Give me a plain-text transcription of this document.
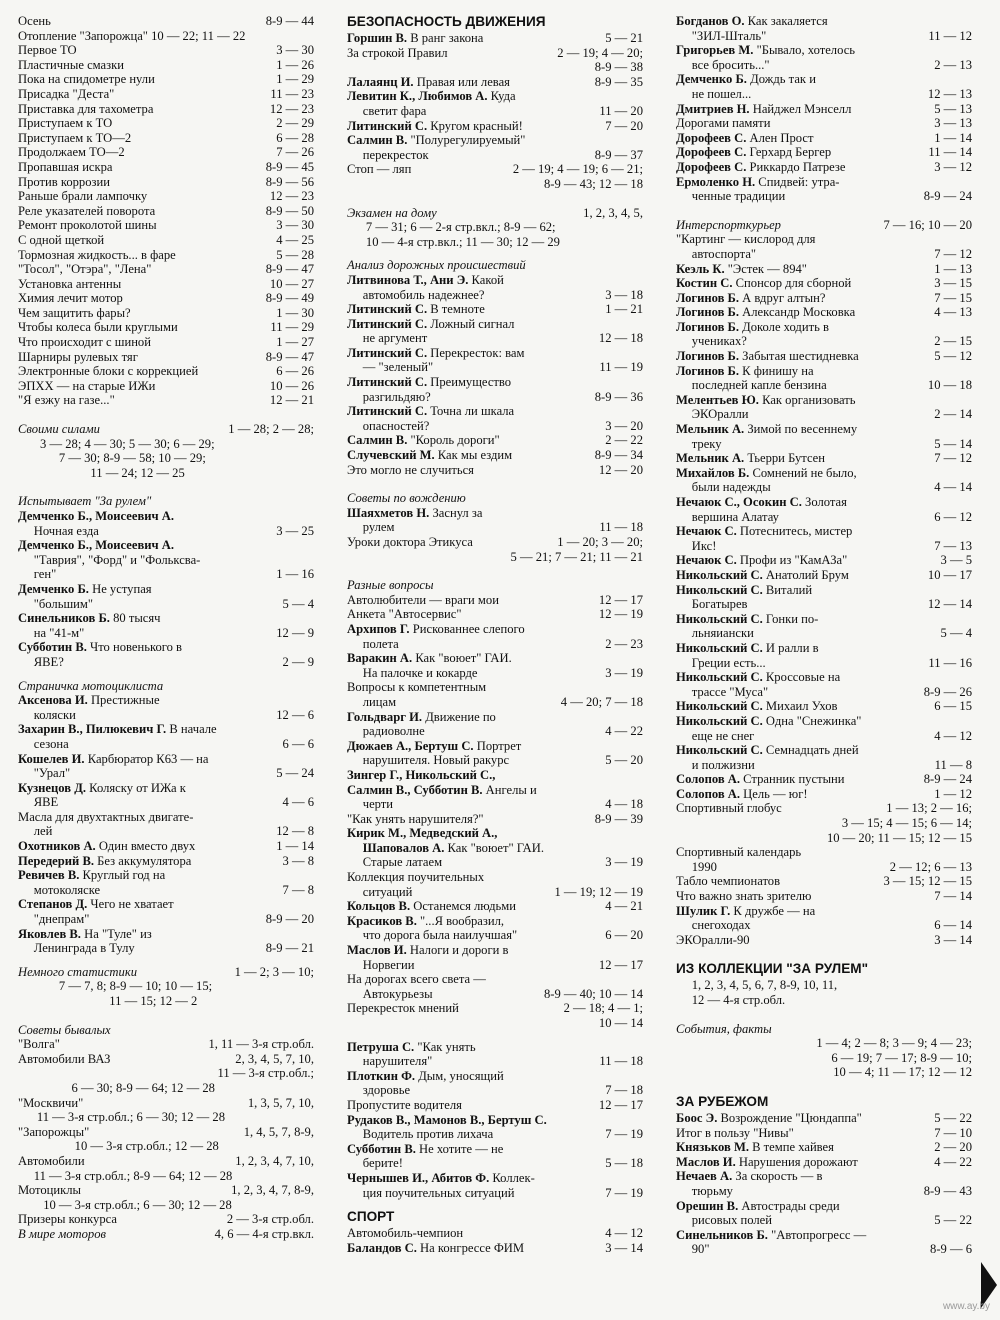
Осень	8-9 — 44
Отопление "Запорожца" 10 — 22; 11 — 22
Первое ТО	3 — 30
Пластичные смазки	1 — 26
Пока на спидометре нули	1 — 29
Присадка "Деста"	11 — 23
Приставка для тахометра	12 — 23
Приступаем к ТО	2 — 29
Приступаем к ТО—2	6 — 28
Продолжаем ТО—2	7 — 26
Пропавшая искра	8-9 — 45
Против коррозии	8-9 — 56
Раньше брали лампочку	12 — 23
Реле указателей поворота	8-9 — 50
Ремонт проколотой шины	3 — 30
С одной щеткой	4 — 25
Тормозная жидкость... в фаре	5 — 28
"Тосол", "Отэра", "Лена"	8-9 — 47
Установка антенны	10 — 27
Химия лечит мотор	8-9 — 49
Чем защитить фары?	1 — 30
Чтобы колеса были круглыми	11 — 29
Что происходит с шиной	1 — 27
Шарниры рулевых тяг	8-9 — 47
Электронные блоки с коррекцией	6 — 26
ЭПХХ — на старые ИЖи	10 — 26
"Я езжу на газе..."	12 — 21
Своими силами	1 — 28; 2 — 28;
3 — 28; 4 — 30; 5 — 30; 6 — 29;
7 — 30; 8-9 — 58; 10 — 29;
11 — 24; 12 — 25
Испытывает "За рулем"
Демченко Б., Моисеевич А.
Ночная езда	3 — 25
Демченко Б., Моисеевич А.
"Таврия", "Форд" и "Фольксва-
ген"	1 — 16
Демченко Б. Не уступая
"большим"	5 — 4
Синельников Б. 80 тысяч
на "41-м"	12 — 9
Субботин В. Что новенького в
ЯВЕ?	2 — 9
Страничка мотоциклиста
Аксенова И. Престижные
коляски	12 — 6
Захарин В., Пилюкевич Г. В начале
сезона	6 — 6
Кошелев И. Карбюратор К63 — на
"Урал"	5 — 24
Кузнецов Д. Коляску от ИЖа к
ЯВЕ	4 — 6
Масла для двухтактных двигате-
лей	12 — 8
Охотников А. Один вместо двух	1 — 14
Передерий В. Без аккумулятора	3 — 8
Ревичев В. Круглый год на
мотоколяске	7 — 8
Степанов Д. Чего не хватает
"днепрам"	8-9 — 20
Яковлев В. На "Туле" из
Ленинграда в Тулу	8-9 — 21
Немного статистики	1 — 2; 3 — 10;
7 — 7, 8; 8-9 — 10; 10 — 15;
11 — 15; 12 — 2
Советы бывалых
"Волга"	1, 11 — 3-я стр.обл.
Автомобили ВАЗ	2, 3, 4, 5, 7, 10,

11 — 3-я стр.обл.;
6 — 30; 8-9 — 64; 12 — 28
"Москвичи"	1, 3, 5, 7, 10,
11 — 3-я стр.обл.; 6 — 30; 12 — 28
"Запорожцы"	1, 4, 5, 7, 8-9,
10 — 3-я стр.обл.; 12 — 28
Автомобили	1, 2, 3, 4, 7, 10,
11 — 3-я стр.обл.; 8-9 — 64; 12 — 28
Мотоциклы	1, 2, 3, 4, 7, 8-9,
10 — 3-я стр.обл.; 6 — 30; 12 — 28
Призеры конкурса	2 — 3-я стр.обл.
В мире моторов	4, 6 — 4-я стр.вкл.
БЕЗОПАСНОСТЬ ДВИЖЕНИЯ
Горшин В. В ранг закона	5 — 21
За строкой Правил	2 — 19; 4 — 20;

8-9 — 38
Лалаянц И. Правая или левая	8-9 — 35
Левитин К., Любимов А. Куда
светит фара	11 — 20
Литинский С. Кругом красный!	7 — 20
Салмин В. "Полурегулируемый"
перекресток	8-9 — 37
Стоп — ляп	2 — 19; 4 — 19; 6 — 21;

8-9 — 43; 12 — 18
Экзамен на дому	1, 2, 3, 4, 5,
7 — 31; 6 — 2-я стр.вкл.; 8-9 — 62;
10 — 4-я стр.вкл.; 11 — 30; 12 — 29
Анализ дорожных происшествий
Литвинова Т., Ани Э. Какой
автомобиль надежнее?	3 — 18
Литинский С. В темноте	1 — 21
Литинский С. Ложный сигнал
не аргумент	12 — 18
Литинский С. Перекресток: вам
— "зеленый"	11 — 19
Литинский С. Преимущество
разгильдяю?	8-9 — 36
Литинский С. Точна ли шкала
опасностей?	3 — 20
Салмин В. "Король дороги"	2 — 22
Случевский М. Как мы ездим	8-9 — 34
Это могло не случиться	12 — 20
Советы по вождению
Шаяхметов Н. Заснул за
рулем	11 — 18
Уроки доктора Этикуса	1 — 20; 3 — 20;

5 — 21; 7 — 21; 11 — 21
Разные вопросы
Автолюбители — враги мои	12 — 17
Анкета "Автосервис"	12 — 19
Архипов Г. Рискованнее слепого
полета	2 — 23
Варакин А. Как "воюет" ГАИ.
На палочке и кокарде	3 — 19
Вопросы к компетентным
лицам	4 — 20; 7 — 18
Гольдварг И. Движение по
радиоволне	4 — 22
Дюжаев А., Бертуш С. Портрет
нарушителя. Новый ракурс	5 — 20
Зингер Г., Никольский С.,
Салмин В., Субботин В. Ангелы и
черти	4 — 18
"Как унять нарушителя?"	8-9 — 39
Кирик М., Медведский А.,
Шаповалов А. Как "воюет" ГАИ.
Старые латаем	3 — 19
Коллекция поучительных
ситуаций	1 — 19; 12 — 19
Кольцов В. Останемся людьми	4 — 21
Красиков В. "...Я вообразил,
что дорога была наилучшая"	6 — 20
Маслов И. Налоги и дороги в
Норвегии	12 — 17
На дорогах всего света —
Автокурьезы	8-9 — 40; 10 — 14
Перекресток мнений	2 — 18; 4 — 1;

10 — 14
Петруша С. "Как унять
нарушителя"	11 — 18
Плоткин Ф. Дым, уносящий
здоровье	7 — 18
Пропустите водителя	12 — 17
Рудаков В., Мамонов В., Бертуш С.
Водитель против лихача	7 — 19
Субботин В. Не хотите — не
берите!	5 — 18
Чернышев И., Абитов Ф. Коллек-
ция поучительных ситуаций	7 — 19
СПОРТ
Автомобиль-чемпион	4 — 12
Баландов С. На конгрессе ФИМ	3 — 14
Богданов О. Как закаляется
"ЗИЛ-Шталь"	11 — 12
Григорьев М. "Бывало, хотелось
все бросить..."	2 — 13
Демченко Б. Дождь так и
не пошел...	12 — 13
Дмитриев Н. Найджел Мэнселл	5 — 13
Дорогами памяти	3 — 13
Дорофеев С. Ален Прост	1 — 14
Дорофеев С. Герхард Бергер	11 — 14
Дорофеев С. Риккардо Патрезе	3 — 12
Ермоленко Н. Спидвей: утра-
ченные традиции	8-9 — 24
Интерспорткурьер	7 — 16; 10 — 20
"Картинг — кислород для
автоспорта"	7 — 12
Кеэль К. "Эстек — 894"	1 — 13
Костин С. Спонсор для сборной	3 — 15
Логинов Б. А вдруг алтын?	7 — 15
Логинов Б. Александр Московка	4 — 13
Логинов Б. Доколе ходить в
учениках?	2 — 15
Логинов Б. Забытая шестидневка	5 — 12
Логинов Б. К финишу на
последней капле бензина	10 — 18
Мелентьев Ю. Как организовать
ЭКОралли	2 — 14
Мельник А. Зимой по весеннему
треку	5 — 14
Мельник А. Тьерри Бутсен	7 — 12
Михайлов Б. Сомнений не было,
были надежды	4 — 14
Нечаюк С., Осокин С. Золотая
вершина Алатау	6 — 12
Нечаюк С. Потеснитесь, мистер
Икс!	7 — 13
Нечаюк С. Профи из "КамАЗа"	3 — 5
Никольский С. Анатолий Брум	10 — 17
Никольский С. Виталий
Богатырев	12 — 14
Никольский С. Гонки по-
льняиански	5 — 4
Никольский С. И ралли в
Греции есть...	11 — 16
Никольский С. Кроссовые на
трассе "Муса"	8-9 — 26
Никольский С. Михаил Ухов	6 — 15
Никольский С. Одна "Снежинка"
еще не снег	4 — 12
Никольский С. Семнадцать дней
и полжизни	11 — 8
Солопов А. Странник пустыни	8-9 — 24
Солопов А. Цель — юг!	1 — 12
Спортивный глобус	1 — 13; 2 — 16;

3 — 15; 4 — 15; 6 — 14;

10 — 20; 11 — 15; 12 — 15
Спортивный календарь
1990	2 — 12; 6 — 13
Табло чемпионатов	3 — 15; 12 — 15
Что важно знать зрителю	7 — 14
Шулик Г. К дружбе — на
снегоходах	6 — 14
ЭКОралли-90	3 — 14
ИЗ КОЛЛЕКЦИИ "ЗА РУЛЕМ"
1, 2, 3, 4, 5, 6, 7, 8-9, 10, 11,
12 — 4-я стр.обл.
События, факты

1 — 4; 2 — 8; 3 — 9; 4 — 23;

6 — 19; 7 — 17; 8-9 — 10;

10 — 4; 11 — 17; 12 — 12
ЗА РУБЕЖОМ
Боос Э. Возрождение "Цюндаппа"	5 — 22
Итог в пользу "Нивы"	7 — 10
Князьков М. В темпе хайвея	2 — 20
Маслов И. Нарушения дорожают	4 — 22
Нечаев А. За скорость — в
тюрьму	8-9 — 43
Орешин В. Автострады среди
рисовых полей	5 — 22
Синельников Б. "Автопрогресс —
90"	8-9 — 6
www.ay.by
